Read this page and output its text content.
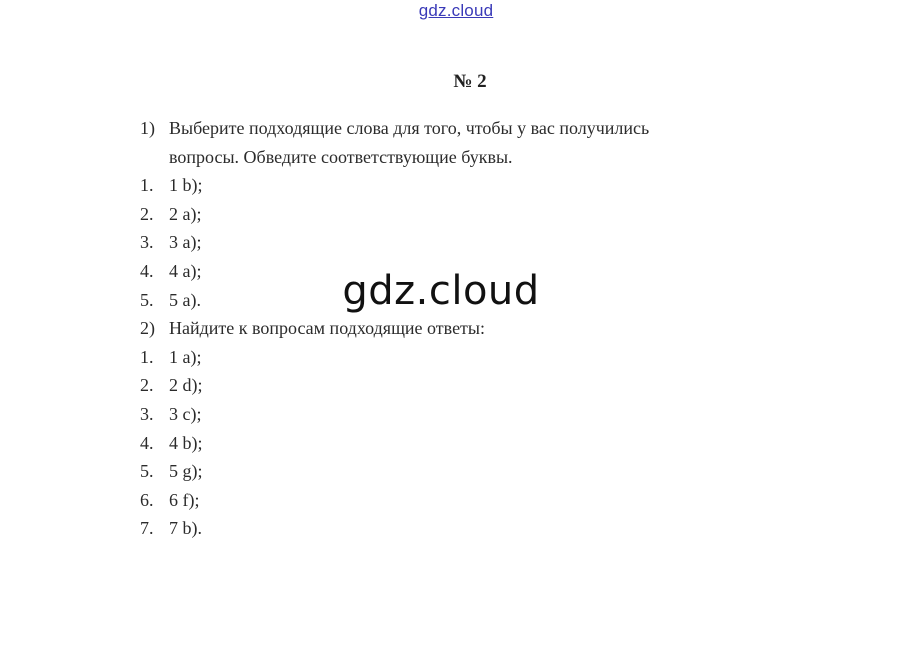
gdz.cloud
№ 2
1) Выберите подходящие слова для того, чтобы у вас получились
вопросы. Обведите соответствующие буквы.
1. 1 b);
2. 2 a);
3. 3 a);
4. 4 a);
5. 5 a).
2) Найдите к вопросам подходящие ответы:
1. 1 a);
2. 2 d);
3. 3 c);
4. 4 b);
5. 5 g);
6. 6 f);
7. 7 b).
gdz.cloud
